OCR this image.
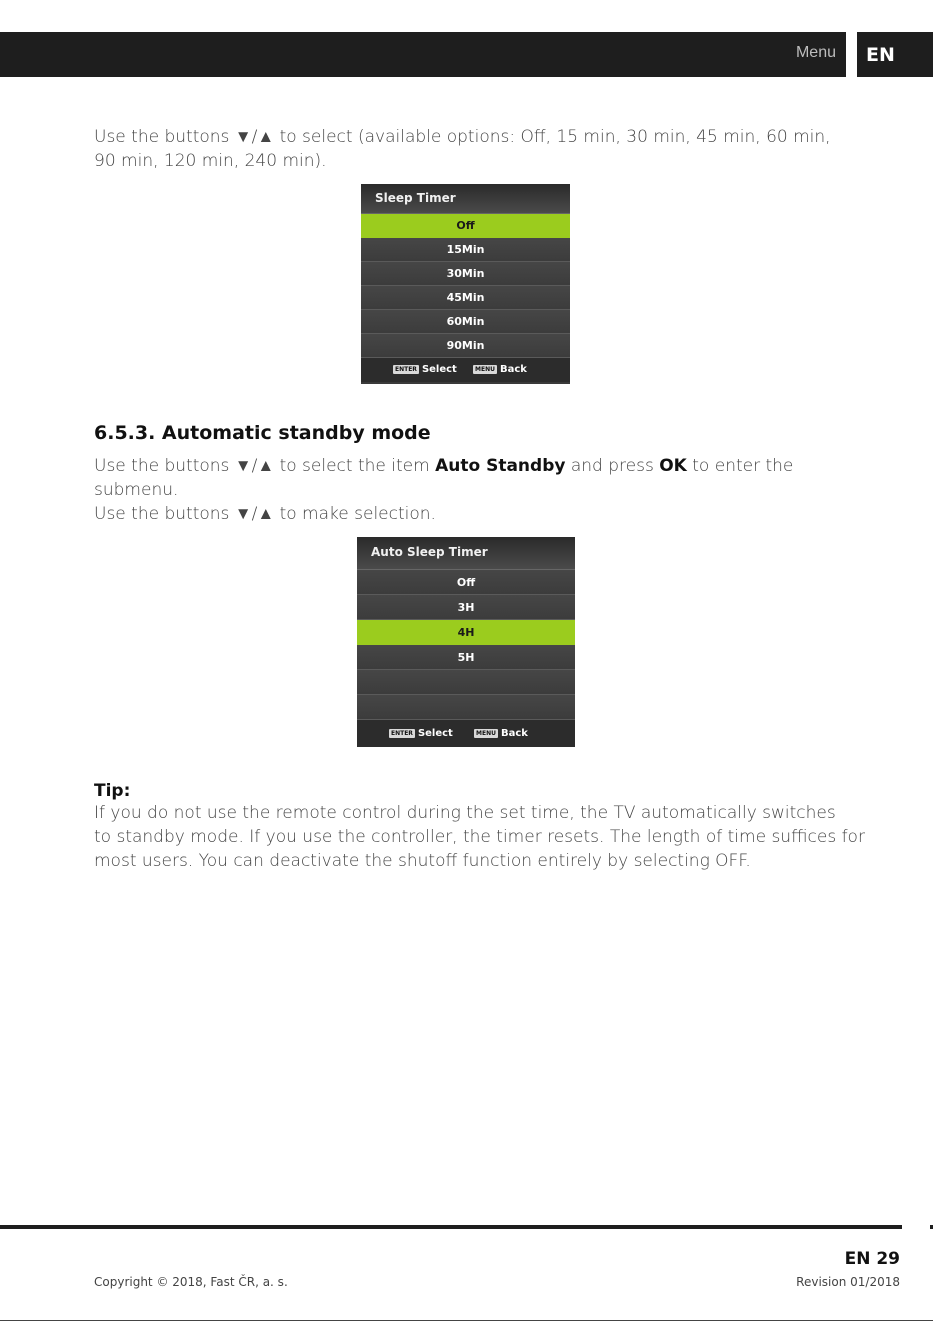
Menu EN
Use the buttons ▼/▲ to select (available options: Off, 15 min, 30 min, 45 min, 60 min,
90 min, 120 min, 240 min).
Sleep Timer
Off
15Min
30Min
45Min
60Min
90Min
ENTER Select	MENU Back
6.5.3. Automatic standby mode
Use the buttons ▼/▲ to select the item Auto Standby and press OK to enter the
submenu.
Use the buttons ▼/▲ to make selection.
Auto Sleep Timer
Off
3H
4H
5H
ENTER Select	MENU Back
Tip:
If you do not use the remote control during the set time, the TV automatically switches
to standby mode. If you use the controller, the timer resets. The length of time suffices for
most users. You can deactivate the shutoff function entirely by selecting OFF.
EN 29
Copyright © 2018, Fast ČR, a. s.	Revision 01/2018
